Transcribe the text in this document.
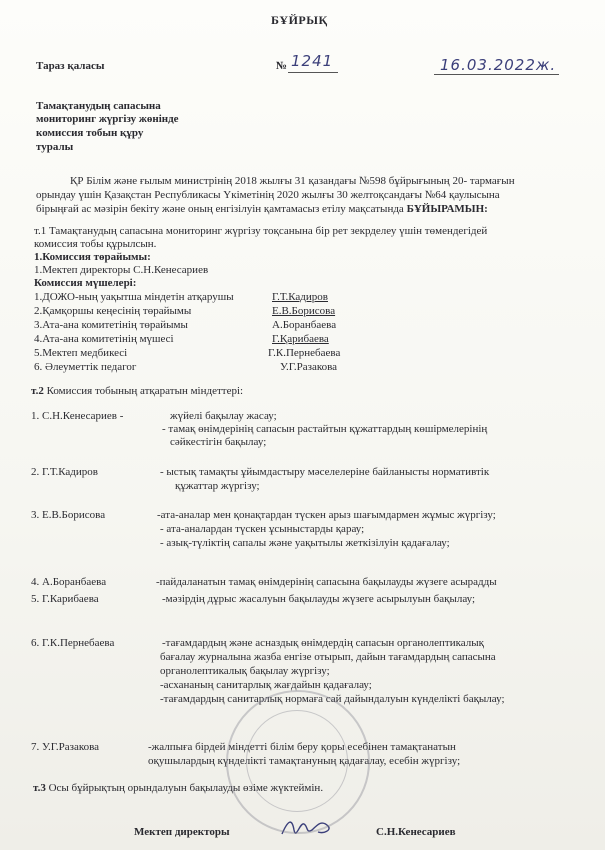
БҰЙРЫҚ
Тараз қаласы	№ 1241	16.03.2022ж.
Тамақтанудың сапасына
мониторинг жүргізу жөнінде
комиссия тобын құру
туралы
ҚР Білім және ғылым министрінің 2018 жылғы 31 қазандағы №598 бұйрығының 20- тармағын
орындау үшін Қазақстан Республикасы Үкіметінің 2020 жылғы 30 желтоқсандағы №64 қаулысына
бірыңғай ас мәзірін бекіту және оның енгізілуін қамтамасыз етілу мақсатында БҰЙЫРАМЫН:
т.1 Тамақтанудың сапасына мониторинг жүргізу тоқсанына бір рет зекрделеу үшін төмендегідей
комиссия тобы құрылсын.
1.Комиссия төрайымы:
1.Мектеп директоры С.Н.Кенесариев
Комиссия мүшелері:
1.ДОЖО-ның уақытша міндетін атқарушы	Г.Т.Кадиров
2.Қамқоршы кеңесінің төрайымы	Е.В.Борисова
3.Ата-ана комитетінің төрайымы	А.Боранбаева
4.Ата-ана комитетінің мүшесі	Г.Қарибаева
5.Мектеп медбикесі	Г.К.Пернебаева
6. Әлеуметтік педагог	У.Г.Разакова
т.2 Комиссия тобының атқаратын міндеттері:
1. С.Н.Кенесариев -	жүйелі бақылау жасау;
- тамақ өнімдерінің сапасын растайтын құжаттардың көшірмелерінің
сәйкестігін бақылау;
2. Г.Т.Кадиров	- ыстық тамақты ұйымдастыру мәселелеріне байланысты нормативтік
құжаттар жүргізу;
3. Е.В.Борисова	-ата-аналар мен қонақтардан түскен арыз шағымдармен жұмыс жүргізу;
- ата-аналардан түскен ұсыныстарды қарау;
- азық-түліктің сапалы және уақытылы жеткізілуін қадағалау;
4. А.Боранбаева	-пайдаланатын тамақ өнімдерінің сапасына бақылауды жүзеге асырадды
5. Г.Карибаева	-мәзірдің дұрыс жасалуын бақылауды жүзеге асырылуын бақылау;
6. Г.К.Пернебаева	-тағамдардың және асназдық өнімдердің сапасын органолептикалық
бағалау журналына жазба енгізе отырып, дайын тағамдардың сапасына
органолептикалық бақылау жүргізу;
-асхананың санитарлық жағдайын қадағалау;
-тағамдардың санитарлық нормаға сай дайындалуын күнделікті бақылау;
7. У.Г.Разакова	-жалпыға бірдей міндетті білім беру қоры есебінен тамақтанатын
оқушылардың күнделікті тамақтануның қадағалау, есебін жүргізу;
т.3 Осы бұйрықтың орындалуын бақылауды өзіме жүктеймін.
Мектеп директоры	С.Н.Кенесариев
